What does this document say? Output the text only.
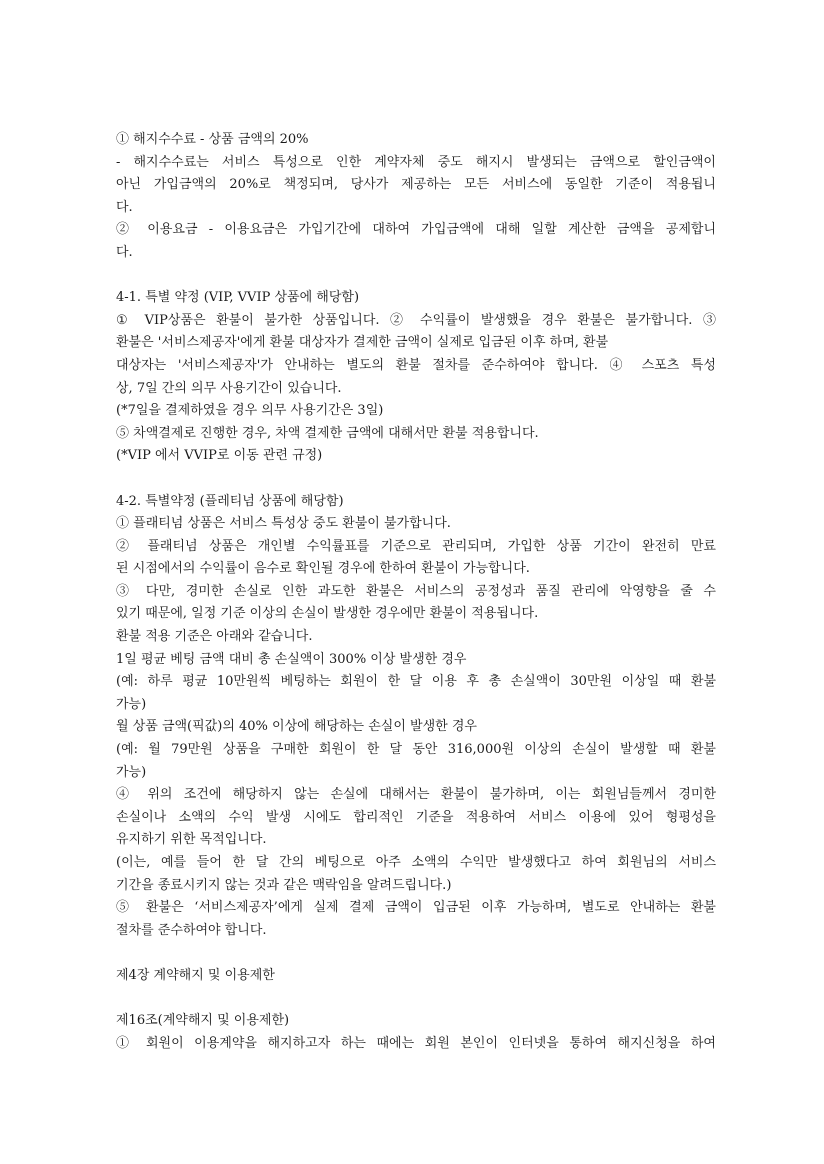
① 해지수수료 - 상품 금액의 20%
- 해지수수료는 서비스 특성으로 인한 계약자체 중도 해지시 발생되는 금액으로 할인금액이
아닌 가입금액의 20%로 책정되며, 당사가 제공하는 모든 서비스에 동일한 기준이 적용됩니
다.
② 이용요금 - 이용요금은 가입기간에 대하여 가입금액에 대해 일할 계산한 금액을 공제합니
다.
4-1. 특별 약정 (VIP, VVIP 상품에 해당함)
① VIP상품은 환불이 불가한 상품입니다. ② 수익률이 발생했을 경우 환불은 불가합니다. ③
환불은 '서비스제공자'에게 환불 대상자가 결제한 금액이 실제로 입금된 이후 하며, 환불
대상자는 '서비스제공자'가 안내하는 별도의 환불 절차를 준수하여야 합니다. ④ 스포츠 특성
상, 7일 간의 의무 사용기간이 있습니다.
(*7일을 결제하였을 경우 의무 사용기간은 3일)
⑤ 차액결제로 진행한 경우, 차액 결제한 금액에 대해서만 환불 적용합니다.
(*VIP 에서 VVIP로 이동 관련 규정)
4-2. 특별약정 (플레티넘 상품에 해당함)
① 플래티넘 상품은 서비스 특성상 중도 환불이 불가합니다.
② 플래티넘 상품은 개인별 수익률표를 기준으로 관리되며, 가입한 상품 기간이 완전히 만료
된 시점에서의 수익률이 음수로 확인될 경우에 한하여 환불이 가능합니다.
③ 다만, 경미한 손실로 인한 과도한 환불은 서비스의 공정성과 품질 관리에 악영향을 줄 수
있기 때문에, 일정 기준 이상의 손실이 발생한 경우에만 환불이 적용됩니다.
환불 적용 기준은 아래와 같습니다.
1일 평균 베팅 금액 대비 총 손실액이 300% 이상 발생한 경우
(예: 하루 평균 10만원씩 베팅하는 회원이 한 달 이용 후 총 손실액이 30만원 이상일 때 환불
가능)
월 상품 금액(픽값)의 40% 이상에 해당하는 손실이 발생한 경우
(예: 월 79만원 상품을 구매한 회원이 한 달 동안 316,000원 이상의 손실이 발생할 때 환불
가능)
④ 위의 조건에 해당하지 않는 손실에 대해서는 환불이 불가하며, 이는 회원님들께서 경미한
손실이나 소액의 수익 발생 시에도 합리적인 기준을 적용하여 서비스 이용에 있어 형평성을
유지하기 위한 목적입니다.
(이는, 예를 들어 한 달 간의 베팅으로 아주 소액의 수익만 발생했다고 하여 회원님의 서비스
기간을 종료시키지 않는 것과 같은 맥락임을 알려드립니다.)
⑤ 환불은 ‘서비스제공자’에게 실제 결제 금액이 입금된 이후 가능하며, 별도로 안내하는 환불
절차를 준수하여야 합니다.
제4장 계약해지 및 이용제한
제16조(계약해지 및 이용제한)
① 회원이 이용계약을 해지하고자 하는 때에는 회원 본인이 인터넷을 통하여 해지신청을 하여
